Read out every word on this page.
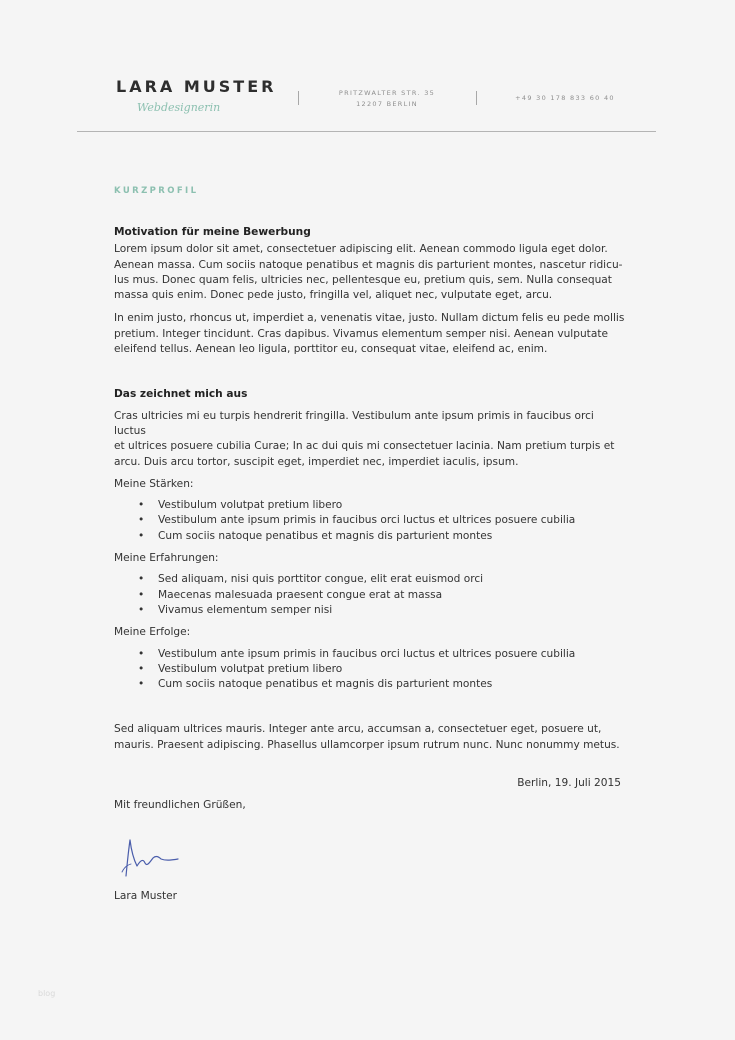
LARA MUSTER
Webdesignerin
PRITZWALTER STR. 35
12207 BERLIN
+49 30 178 833 60 40
KURZPROFIL

Motivation für meine Bewerbung

Lorem ipsum dolor sit amet, consectetuer adipiscing elit. Aenean commodo ligula eget dolor.
Aenean massa. Cum sociis natoque penatibus et magnis dis parturient montes, nascetur ridicu-
lus mus. Donec quam felis, ultricies nec, pellentesque eu, pretium quis, sem. Nulla consequat
massa quis enim. Donec pede justo, fringilla vel, aliquet nec, vulputate eget, arcu.

In enim justo, rhoncus ut, imperdiet a, venenatis vitae, justo. Nullam dictum felis eu pede mollis
pretium. Integer tincidunt. Cras dapibus. Vivamus elementum semper nisi. Aenean vulputate
eleifend tellus. Aenean leo ligula, porttitor eu, consequat vitae, eleifend ac, enim.

Das zeichnet mich aus

Cras ultricies mi eu turpis hendrerit fringilla. Vestibulum ante ipsum primis in faucibus orci luctus
et ultrices posuere cubilia Curae; In ac dui quis mi consectetuer lacinia. Nam pretium turpis et
arcu. Duis arcu tortor, suscipit eget, imperdiet nec, imperdiet iaculis, ipsum.

Meine Stärken:

• Vestibulum volutpat pretium libero
• Vestibulum ante ipsum primis in faucibus orci luctus et ultrices posuere cubilia
• Cum sociis natoque penatibus et magnis dis parturient montes

Meine Erfahrungen:

• Sed aliquam, nisi quis porttitor congue, elit erat euismod orci
• Maecenas malesuada praesent congue erat at massa
• Vivamus elementum semper nisi

Meine Erfolge:

• Vestibulum ante ipsum primis in faucibus orci luctus et ultrices posuere cubilia
• Vestibulum volutpat pretium libero
• Cum sociis natoque penatibus et magnis dis parturient montes

Sed aliquam ultrices mauris. Integer ante arcu, accumsan a, consectetuer eget, posuere ut,
mauris. Praesent adipiscing. Phasellus ullamcorper ipsum rutrum nunc. Nunc nonummy metus.

Berlin, 19. Juli 2015
Mit freundlichen Grüßen,
Lara Muster
blog
